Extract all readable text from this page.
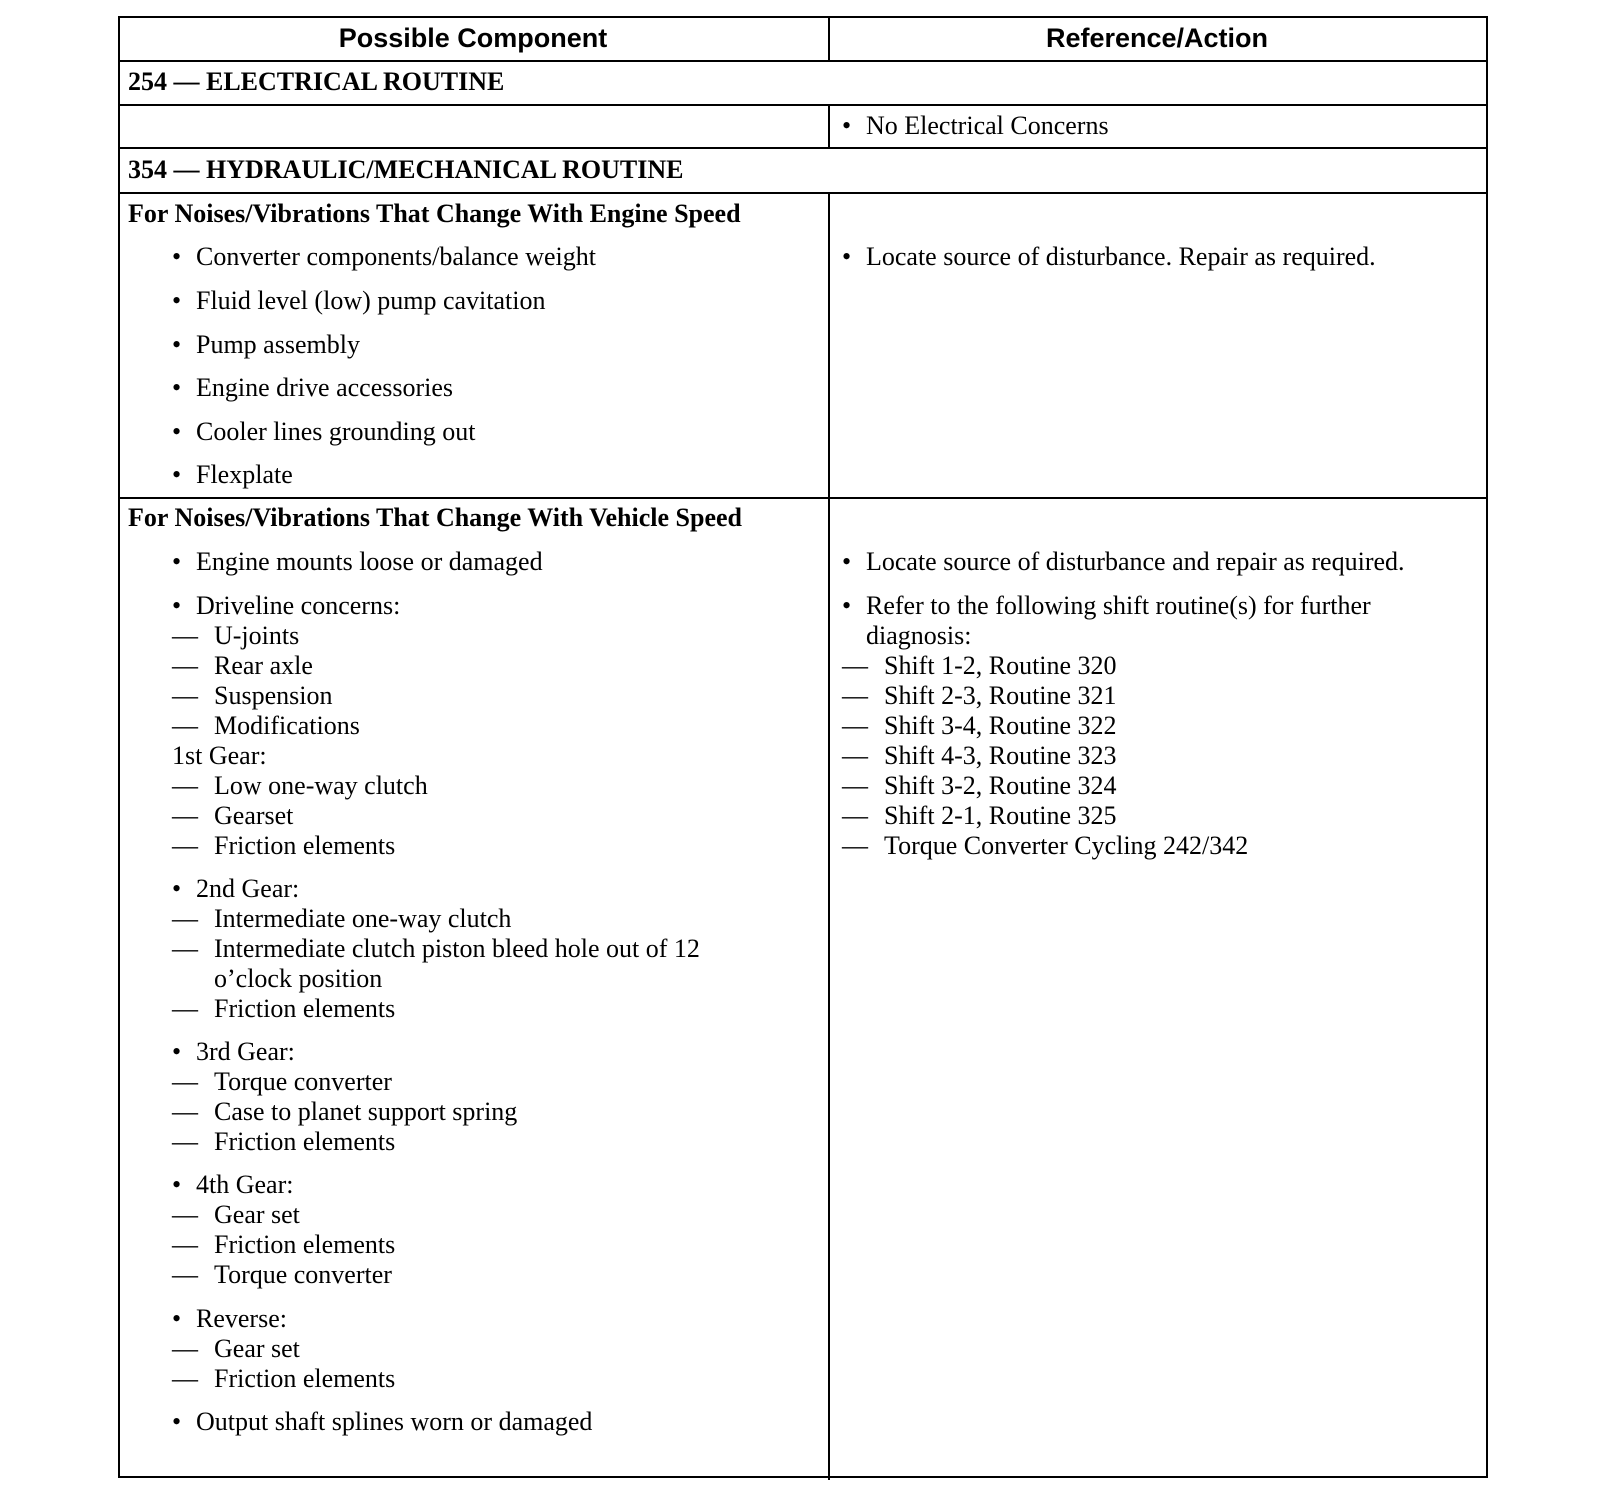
Possible Component	Reference/Action
254 — ELECTRICAL ROUTINE
• No Electrical Concerns
354 — HYDRAULIC/MECHANICAL ROUTINE
For Noises/Vibrations That Change With Engine Speed
• Converter components/balance weight
• Fluid level (low) pump cavitation
• Pump assembly
• Engine drive accessories
• Cooler lines grounding out
• Flexplate
• Locate source of disturbance. Repair as required.
For Noises/Vibrations That Change With Vehicle Speed
• Engine mounts loose or damaged
• Driveline concerns:
— U-joints
— Rear axle
— Suspension
— Modifications
1st Gear:
— Low one-way clutch
— Gearset
— Friction elements
• 2nd Gear:
— Intermediate one-way clutch
— Intermediate clutch piston bleed hole out of 12
o’clock position
— Friction elements
• 3rd Gear:
— Torque converter
— Case to planet support spring
— Friction elements
• 4th Gear:
— Gear set
— Friction elements
— Torque converter
• Reverse:
— Gear set
— Friction elements
• Output shaft splines worn or damaged
• Locate source of disturbance and repair as required.
• Refer to the following shift routine(s) for further
diagnosis:
— Shift 1-2, Routine 320
— Shift 2-3, Routine 321
— Shift 3-4, Routine 322
— Shift 4-3, Routine 323
— Shift 3-2, Routine 324
— Shift 2-1, Routine 325
— Torque Converter Cycling 242/342
